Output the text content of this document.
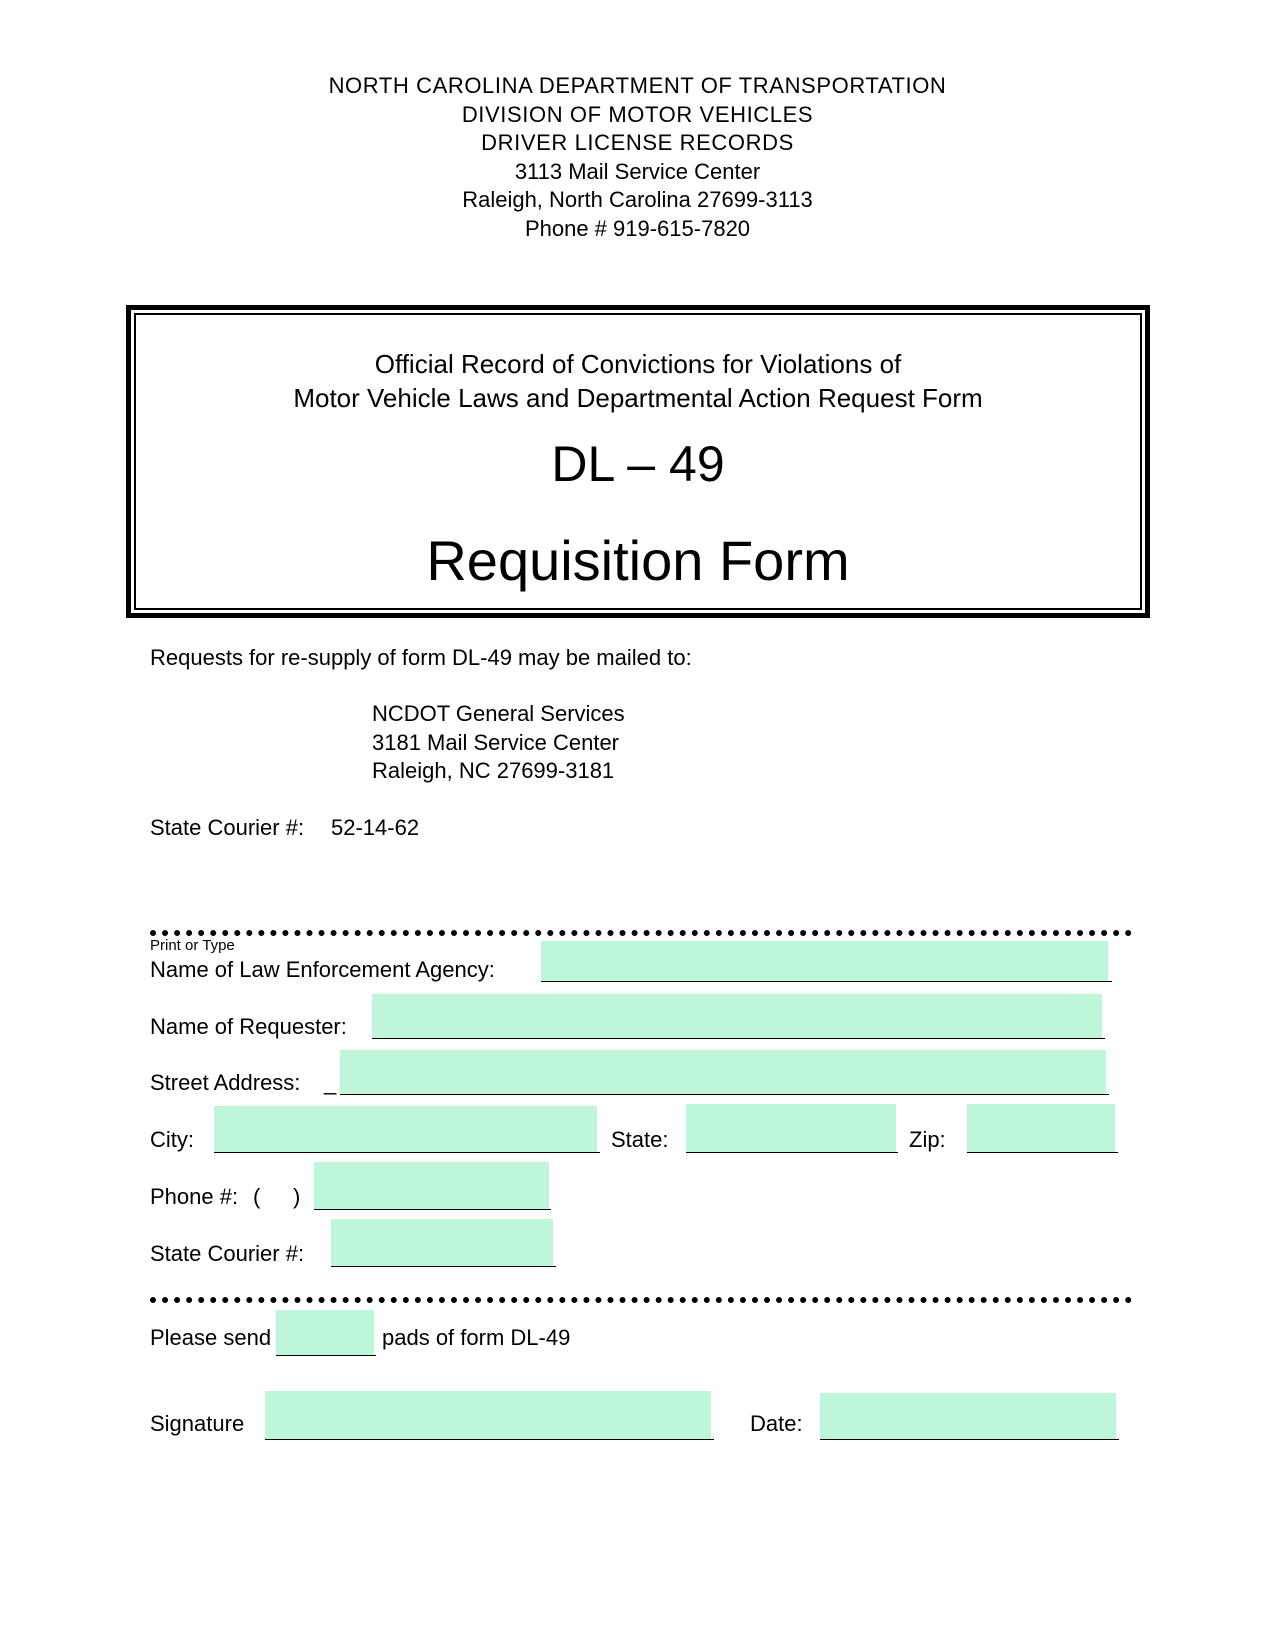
NORTH CAROLINA DEPARTMENT OF TRANSPORTATION
DIVISION OF MOTOR VEHICLES
DRIVER LICENSE RECORDS
3113 Mail Service Center
Raleigh, North Carolina 27699-3113
Phone # 919-615-7820
Official Record of Convictions for Violations of
Motor Vehicle Laws and Departmental Action Request Form
DL – 49
Requisition Form
Requests for re-supply of form DL-49 may be mailed to:
NCDOT General Services
3181 Mail Service Center
Raleigh, NC 27699-3181
State Courier #: 52-14-62
Print or Type
Name of Law Enforcement Agency:
Name of Requester:
Street Address: _
City:	State:	Zip:
Phone #: ( )
State Courier #:
Please send	pads of form DL-49
Signature	Date:
